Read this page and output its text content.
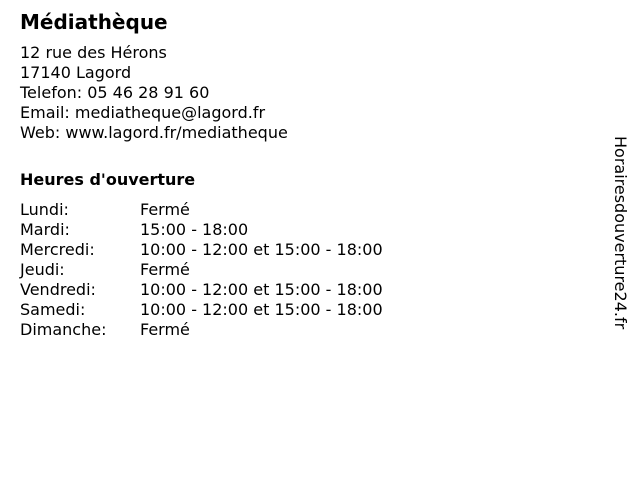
Médiathèque
12 rue des Hérons
17140 Lagord
Telefon: 05 46 28 91 60
Email: mediatheque@lagord.fr
Web: www.lagord.fr/mediatheque
Heures d'ouverture
Lundi:	Fermé
Mardi:	15:00 - 18:00
Mercredi:	10:00 - 12:00 et 15:00 - 18:00
Jeudi:	Fermé
Vendredi:	10:00 - 12:00 et 15:00 - 18:00
Samedi:	10:00 - 12:00 et 15:00 - 18:00
Dimanche:	Fermé
Horairesdouverture24.fr
